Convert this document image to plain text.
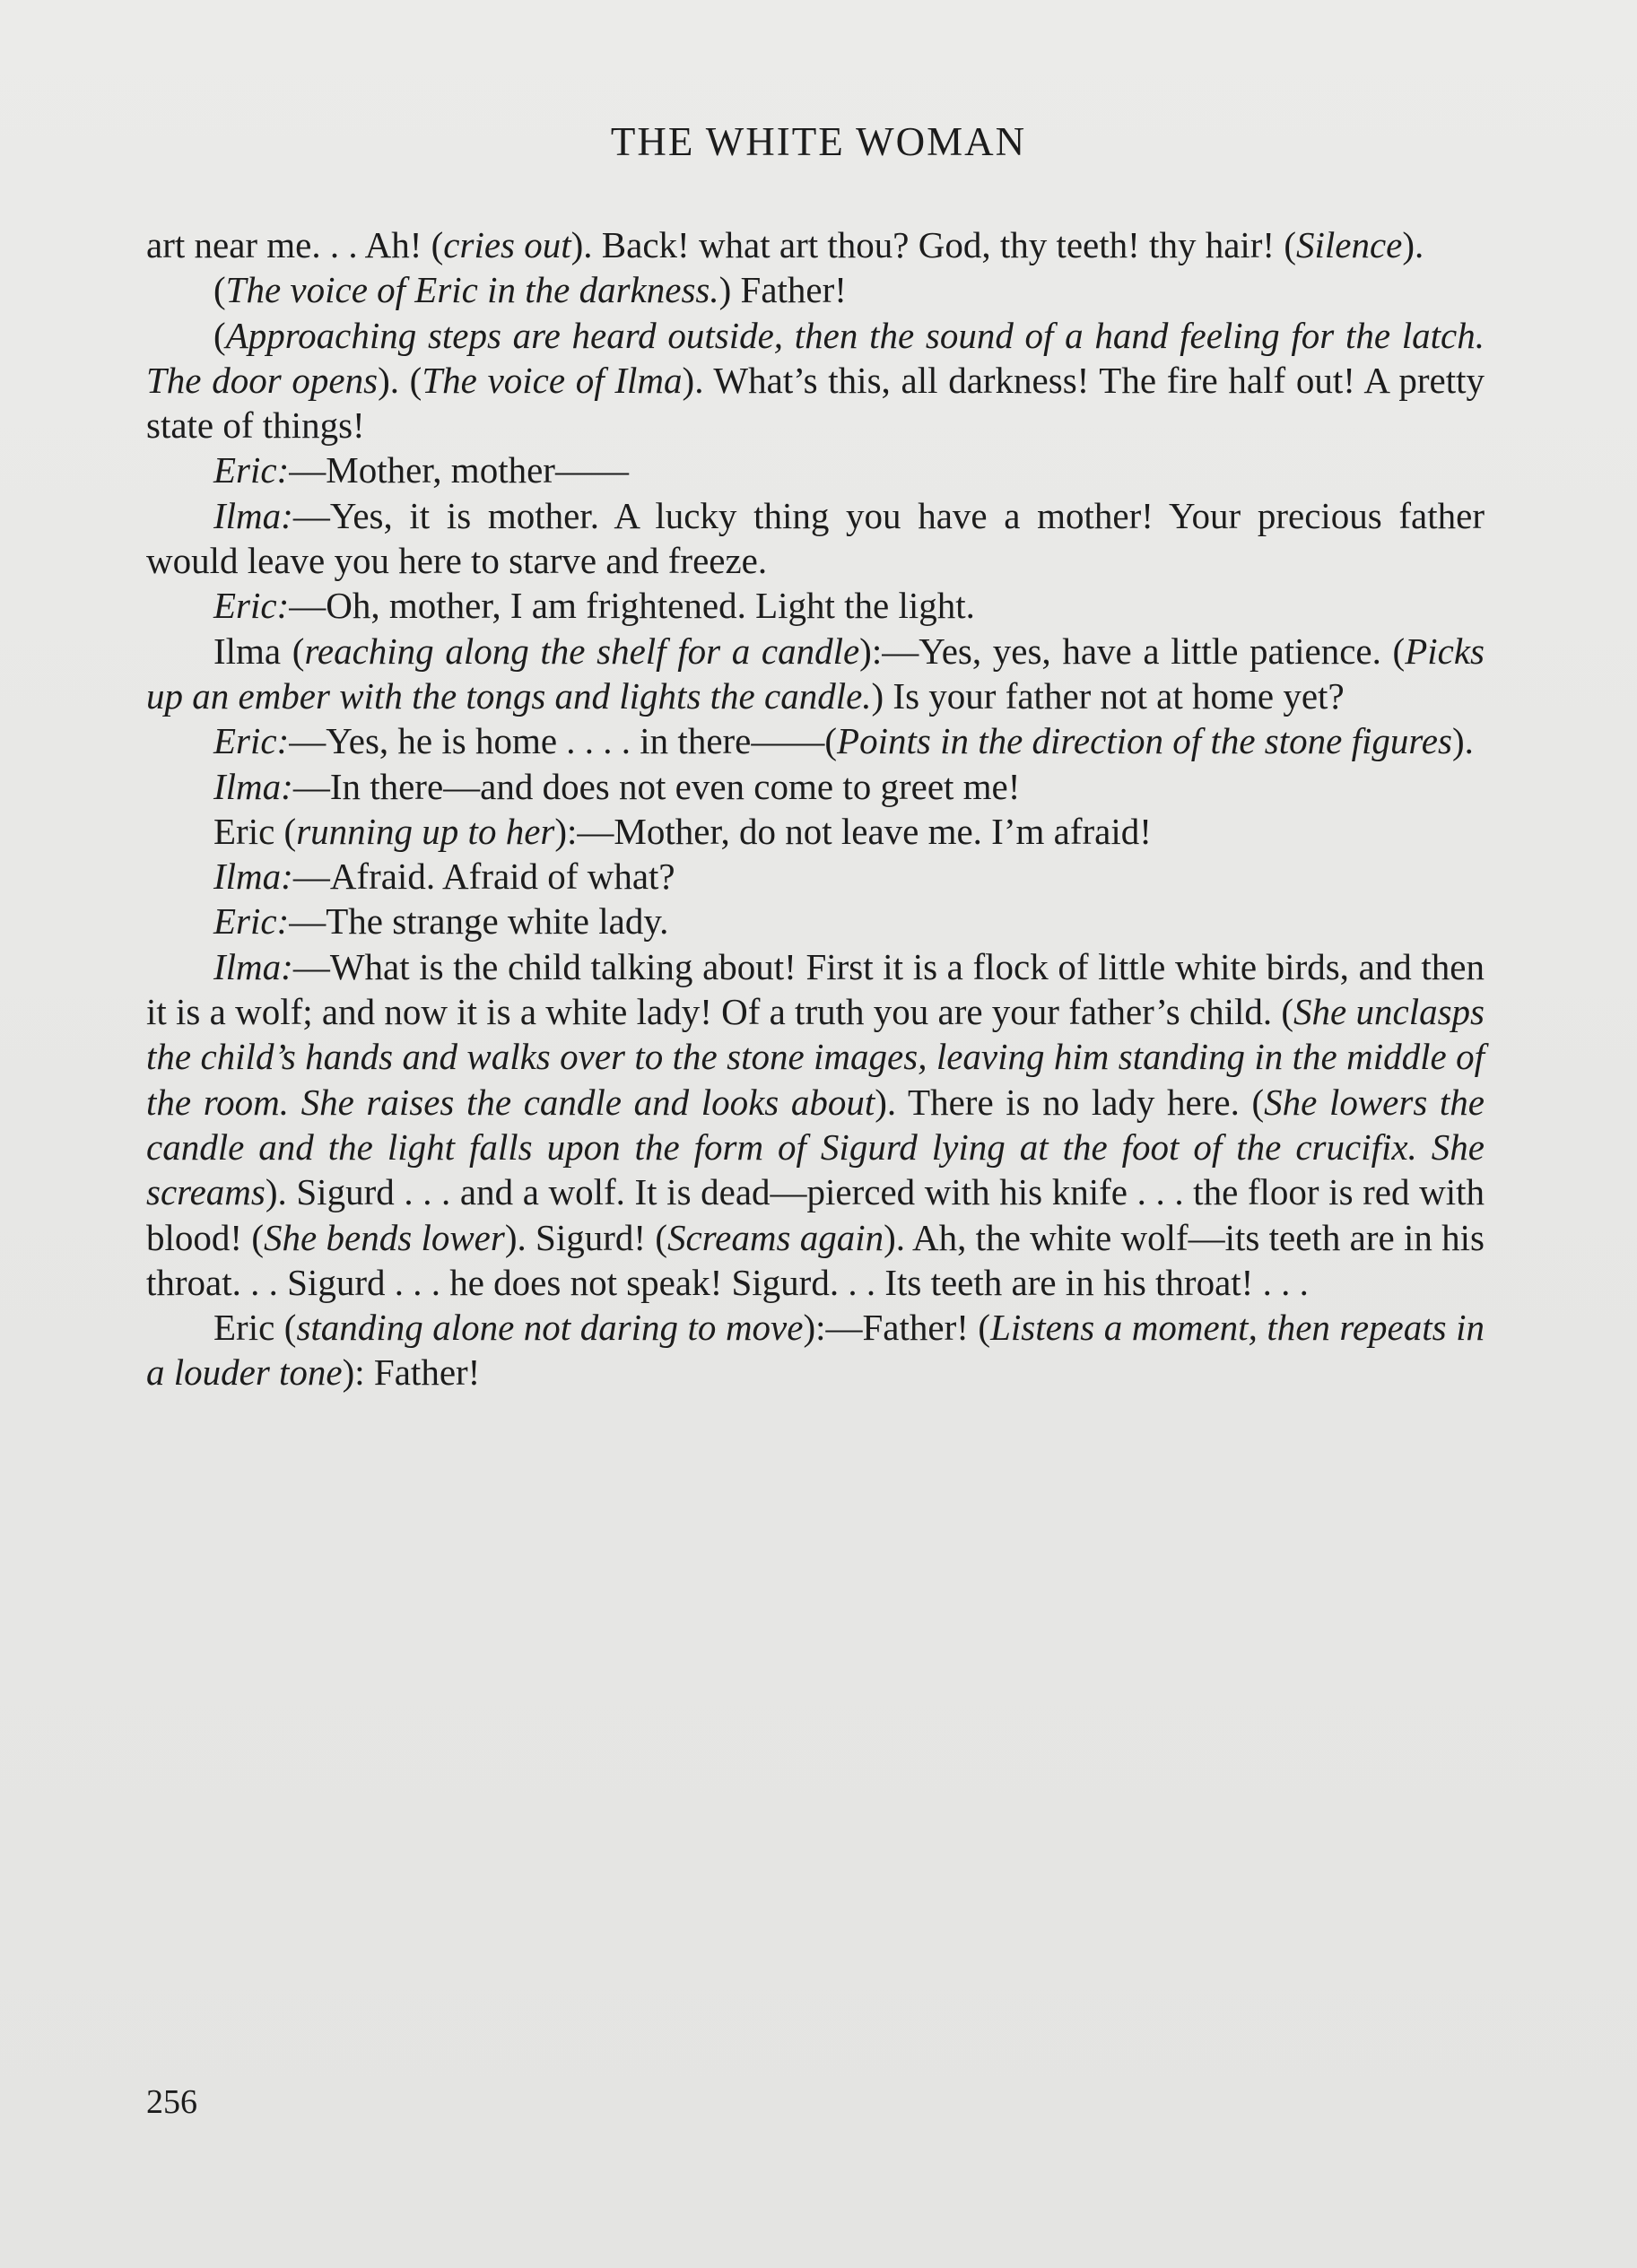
THE WHITE WOMAN

art near me. . . Ah! (cries out). Back! what art thou? God, thy teeth! thy hair! (Silence).

(The voice of Eric in the darkness.) Father!

(Approaching steps are heard outside, then the sound of a hand feeling for the latch. The door opens). (The voice of Ilma). What’s this, all darkness! The fire half out! A pretty state of things!

Eric:—Mother, mother——

Ilma:—Yes, it is mother. A lucky thing you have a mother! Your precious father would leave you here to starve and freeze.

Eric:—Oh, mother, I am frightened. Light the light.

Ilma (reaching along the shelf for a candle):—Yes, yes, have a little patience. (Picks up an ember with the tongs and lights the candle.) Is your father not at home yet?

Eric:—Yes, he is home . . . . in there——(Points in the direction of the stone figures).

Ilma:—In there—and does not even come to greet me!

Eric (running up to her):—Mother, do not leave me. I’m afraid!

Ilma:—Afraid. Afraid of what?

Eric:—The strange white lady.

Ilma:—What is the child talking about! First it is a flock of little white birds, and then it is a wolf; and now it is a white lady! Of a truth you are your father’s child. (She unclasps the child’s hands and walks over to the stone images, leaving him standing in the middle of the room. She raises the candle and looks about). There is no lady here. (She lowers the candle and the light falls upon the form of Sigurd lying at the foot of the crucifix. She screams). Sigurd . . . and a wolf. It is dead—pierced with his knife . . . the floor is red with blood! (She bends lower). Sigurd! (Screams again). Ah, the white wolf—its teeth are in his throat. . . Sigurd . . . he does not speak! Sigurd. . . Its teeth are in his throat! . . .

Eric (standing alone not daring to move):—Father! (Listens a moment, then repeats in a louder tone): Father!

256
